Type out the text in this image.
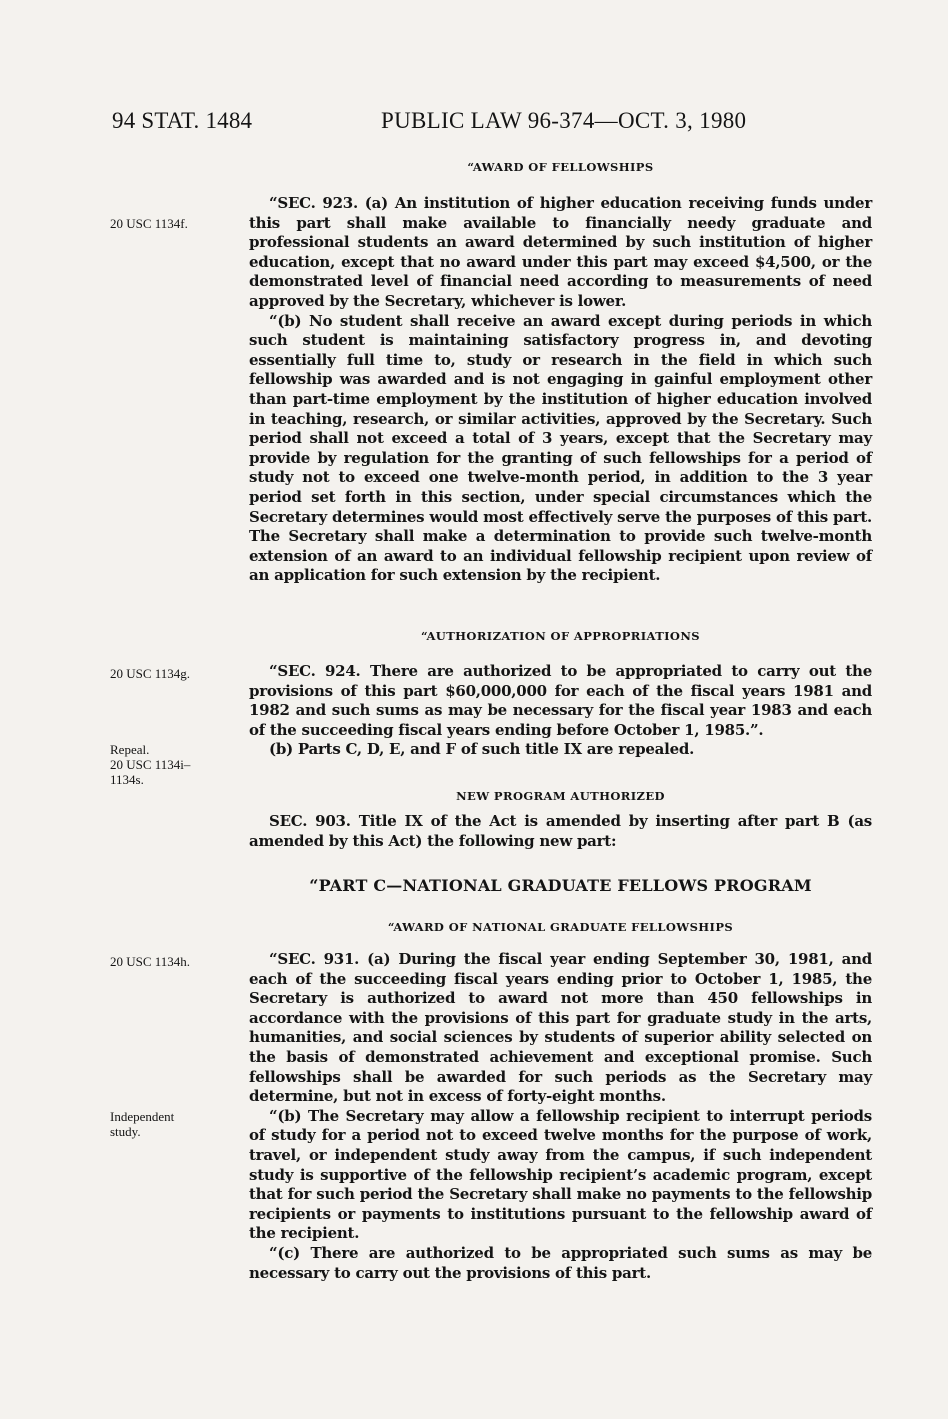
94 STAT. 1484	PUBLIC LAW 96-374—OCT. 3, 1980
“AWARD OF FELLOWSHIPS
20 USC 1134f.

“SEC. 923. (a) An institution of higher education receiving funds under this part shall make available to financially needy graduate and professional students an award determined by such institution of higher education, except that no award under this part may exceed $4,500, or the demonstrated level of financial need according to measurements of need approved by the Secretary, whichever is lower.

“(b) No student shall receive an award except during periods in which such student is maintaining satisfactory progress in, and devoting essentially full time to, study or research in the field in which such fellowship was awarded and is not engaging in gainful employment other than part-time employment by the institution of higher education involved in teaching, research, or similar activities, approved by the Secretary. Such period shall not exceed a total of 3 years, except that the Secretary may provide by regulation for the granting of such fellowships for a period of study not to exceed one twelve-month period, in addition to the 3 year period set forth in this section, under special circumstances which the Secretary determines would most effectively serve the purposes of this part. The Secretary shall make a determination to provide such twelve-month extension of an award to an individual fellowship recipient upon review of an application for such extension by the recipient.

“AUTHORIZATION OF APPROPRIATIONS
20 USC 1134g.	“SEC. 924. There are authorized to be appropriated to carry out the provisions of this part $60,000,000 for each of the fiscal years 1981 and 1982 and such sums as may be necessary for the fiscal year 1983 and each of the succeeding fiscal years ending before October 1, 1985.”.

(b) Parts C, D, E, and F of such title IX are repealed.

Repeal.
20 USC 1134i–
1134s.
NEW PROGRAM AUTHORIZED

SEC. 903. Title IX of the Act is amended by inserting after part B (as amended by this Act) the following new part:

“PART C—NATIONAL GRADUATE FELLOWS PROGRAM
“AWARD OF NATIONAL GRADUATE FELLOWSHIPS
20 USC 1134h.	“SEC. 931. (a) During the fiscal year ending September 30, 1981, and each of the succeeding fiscal years ending prior to October 1, 1985, the Secretary is authorized to award not more than 450 fellowships in accordance with the provisions of this part for graduate study in the arts, humanities, and social sciences by students of superior ability selected on the basis of demonstrated achievement and exceptional promise. Such fellowships shall be awarded for such periods as the Secretary may determine, but not in excess of forty-eight months.

“(b) The Secretary may allow a fellowship recipient to interrupt periods of study for a period not to exceed twelve months for the purpose of work, travel, or independent study away from the campus, if such independent study is supportive of the fellowship recipient’s academic program, except that for such period the Secretary shall make no payments to the fellowship recipients or payments to institutions pursuant to the fellowship award of the recipient.

“(c) There are authorized to be appropriated such sums as may be necessary to carry out the provisions of this part.

Independent
study.
